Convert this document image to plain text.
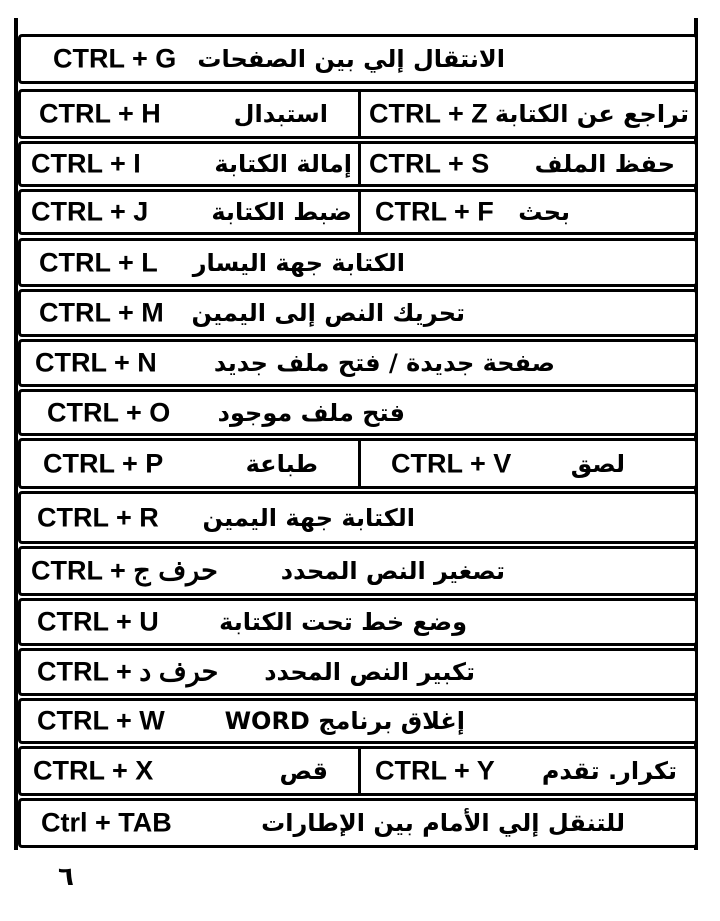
CTRL + G الانتقال إلي بين الصفحات
CTRL + H	استبدال CTRL + Z تراجع عن الكتابة
CTRL + I	إمالة الكتابة CTRL + S حفظ الملف
CTRL + J	ضبط الكتابة CTRL + F بحث
CTRL + L الكتابة جهة اليسار
CTRL + M تحريك النص إلى اليمين
CTRL + N صفحة جديدة / فتح ملف جديد
CTRL + O فتح ملف موجود
CTRL + P	طباعة	CTRL + V لصق
CTRL + R الكتابة جهة اليمين
CTRL + حرف ج	تصغير النص المحدد
CTRL + U	وضع خط تحت الكتابة
CTRL + حرف د تكبير النص المحدد
CTRL + W إغلاق برنامج WORD
CTRL + X	قص CTRL + Y تكرار. تقدم
Ctrl + TAB	للتنقل إلي الأمام بين الإطارات
٦
